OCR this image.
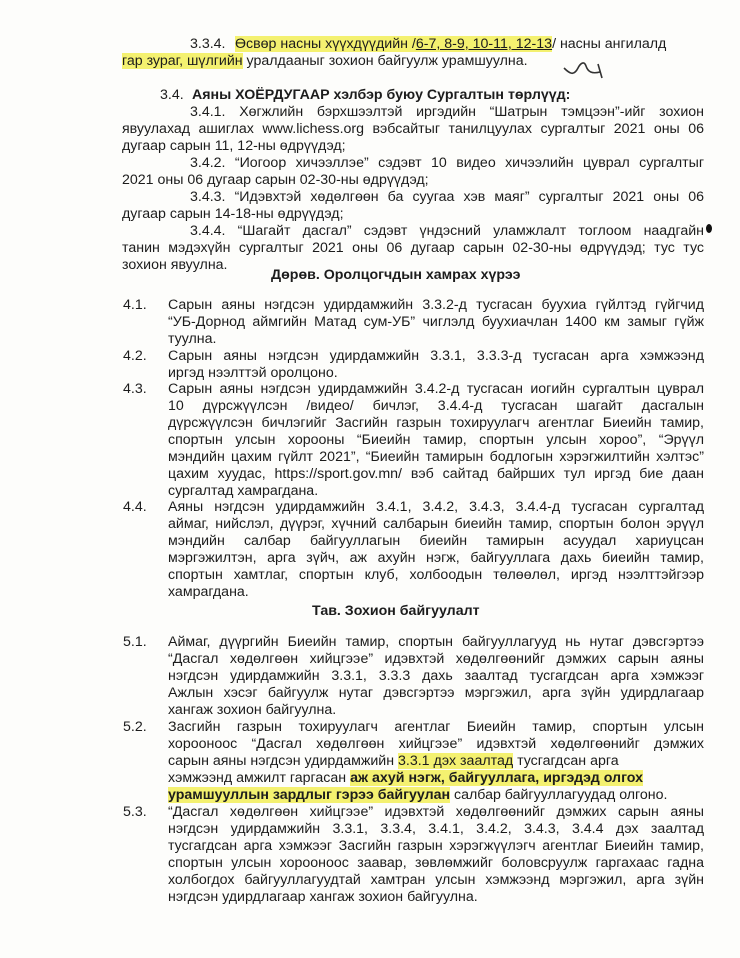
3.3.4. Өсвөр насны хүүхдүүдийн /6-7, 8-9, 10-11, 12-13/ насны ангилалд
гар зураг, шүлгийн уралдааныг зохион байгуулж урамшуулна.
3.4. Аяны ХОЁРДУГААР хэлбэр буюу Сургалтын төрлүүд:
3.4.1. Хөгжлийн бэрхшээлтэй иргэдийн “Шатрын тэмцээн”-ийг зохион
явуулахад ашиглах www.lichess.org вэбсайтыг танилцуулах сургалтыг 2021 оны 06
дугаар сарын 11, 12-ны өдрүүдэд;
3.4.2. “Иогоор хичээллэе” сэдэвт 10 видео хичээлийн цуврал сургалтыг
2021 оны 06 дугаар сарын 02-30-ны өдрүүдэд;
3.4.3. “Идэвхтэй хөдөлгөөн ба суугаа хэв маяг” сургалтыг 2021 оны 06
дугаар сарын 14-18-ны өдрүүдэд;
3.4.4. “Шагайт дасгал” сэдэвт үндэсний уламжлалт тоглоом наадгайн
танин мэдэхүйн сургалтыг 2021 оны 06 дугаар сарын 02-30-ны өдрүүдэд; тус тус
зохион явуулна.
Дөрөв. Оролцогчдын хамрах хүрээ
4.1. Сарын аяны нэгдсэн удирдамжийн 3.3.2-д тусгасан буухиа гүйлтэд гүйгчид
“УБ-Дорнод аймгийн Матад сум-УБ” чиглэлд буухиачлан 1400 км замыг гүйж
туулна.
4.2. Сарын аяны нэгдсэн удирдамжийн 3.3.1, 3.3.3-д тусгасан арга хэмжээнд
иргэд нээлттэй оролцоно.
4.3. Сарын аяны нэгдсэн удирдамжийн 3.4.2-д тусгасан иогийн сургалтын цуврал
10 дүрсжүүлсэн /видео/ бичлэг, 3.4.4-д тусгасан шагайт дасгалын
дүрсжүүлсэн бичлэгийг Засгийн газрын тохируулагч агентлаг Биеийн тамир,
спортын улсын хорооны “Биеийн тамир, спортын улсын хороо”, “Эрүүл
мэндийн цахим гүйлт 2021”, “Биеийн тамирын бодлогын хэрэгжилтийн хэлтэс”
цахим хуудас, https://sport.gov.mn/ вэб сайтад байрших тул иргэд бие даан
сургалтад хамрагдана.
4.4. Аяны нэгдсэн удирдамжийн 3.4.1, 3.4.2, 3.4.3, 3.4.4-д тусгасан сургалтад
аймаг, нийслэл, дүүрэг, хүчний салбарын биеийн тамир, спортын болон эрүүл
мэндийн салбар байгууллагын биеийн тамирын асуудал хариуцсан
мэргэжилтэн, арга зүйч, аж ахуйн нэгж, байгууллага дахь биеийн тамир,
спортын хамтлаг, спортын клуб, холбоодын төлөөлөл, иргэд нээлттэйгээр
хамрагдана.
Тав. Зохион байгуулалт
5.1. Аймаг, дүүргийн Биеийн тамир, спортын байгууллагууд нь нутаг дэвсгэртээ
“Дасгал хөдөлгөөн хийцгээе” идэвхтэй хөдөлгөөнийг дэмжих сарын аяны
нэгдсэн удирдамжийн 3.3.1, 3.3.3 дахь заалтад тусгагдсан арга хэмжээг
Ажлын хэсэг байгуулж нутаг дэвсгэртээ мэргэжил, арга зүйн удирдлагаар
хангаж зохион байгуулна.
5.2. Засгийн газрын тохируулагч агентлаг Биеийн тамир, спортын улсын
хорооноос “Дасгал хөдөлгөөн хийцгээе” идэвхтэй хөдөлгөөнийг дэмжих
сарын аяны нэгдсэн удирдамжийн 3.3.1 дэх заалтад тусгагдсан арга
хэмжээнд амжилт гаргасан аж ахуй нэгж, байгууллага, иргэдэд олгох
урамшууллын зардлыг гэрээ байгуулан салбар байгууллагуудад олгоно.
5.3. “Дасгал хөдөлгөөн хийцгээе” идэвхтэй хөдөлгөөнийг дэмжих сарын аяны
нэгдсэн удирдамжийн 3.3.1, 3.3.4, 3.4.1, 3.4.2, 3.4.3, 3.4.4 дэх заалтад
тусгагдсан арга хэмжээг Засгийн газрын хэрэгжүүлэгч агентлаг Биеийн тамир,
спортын улсын хорооноос заавар, зөвлөмжийг боловсруулж гаргахаас гадна
холбогдох байгууллагуудтай хамтран улсын хэмжээнд мэргэжил, арга зүйн
нэгдсэн удирдлагаар хангаж зохион байгуулна.
